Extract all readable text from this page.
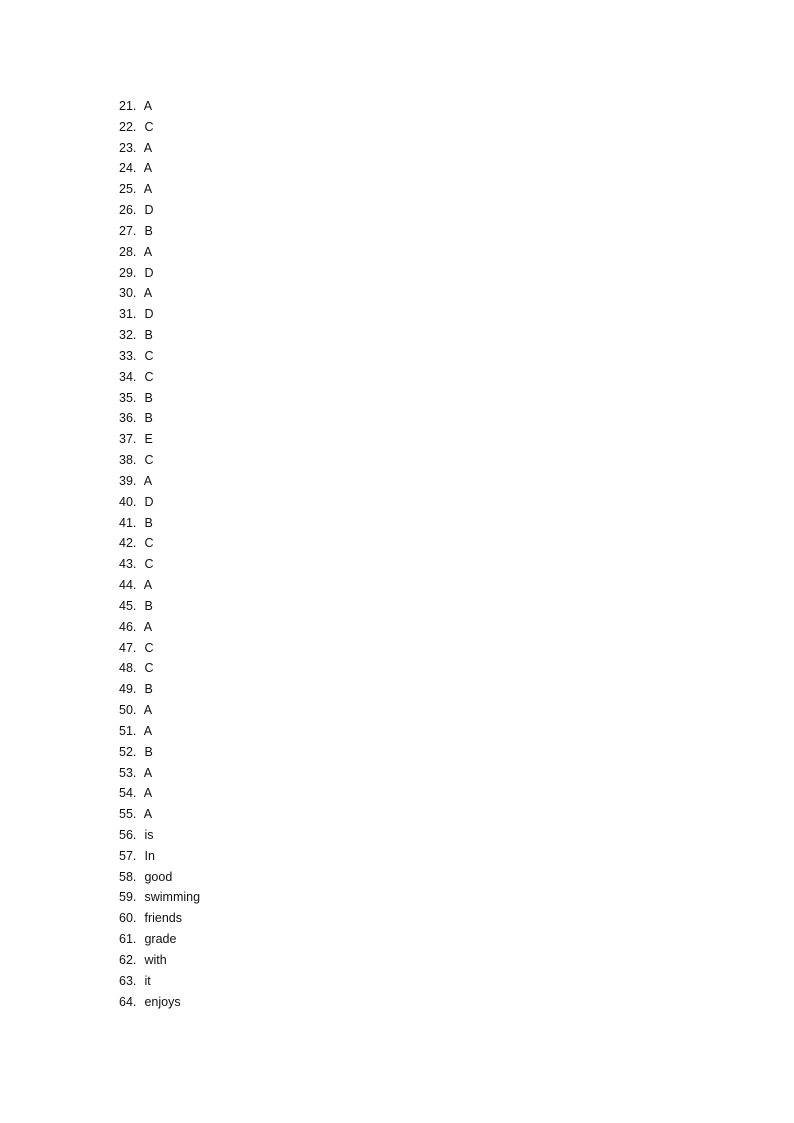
21. A
22. C
23. A
24. A
25. A
26. D
27. B
28. A
29. D
30. A
31. D
32. B
33. C
34. C
35. B
36. B
37. E
38. C
39. A
40. D
41. B
42. C
43. C
44. A
45. B
46. A
47. C
48. C
49. B
50. A
51. A
52. B
53. A
54. A
55. A
56. is
57. In
58. good
59. swimming
60. friends
61. grade
62. with
63. it
64. enjoys
